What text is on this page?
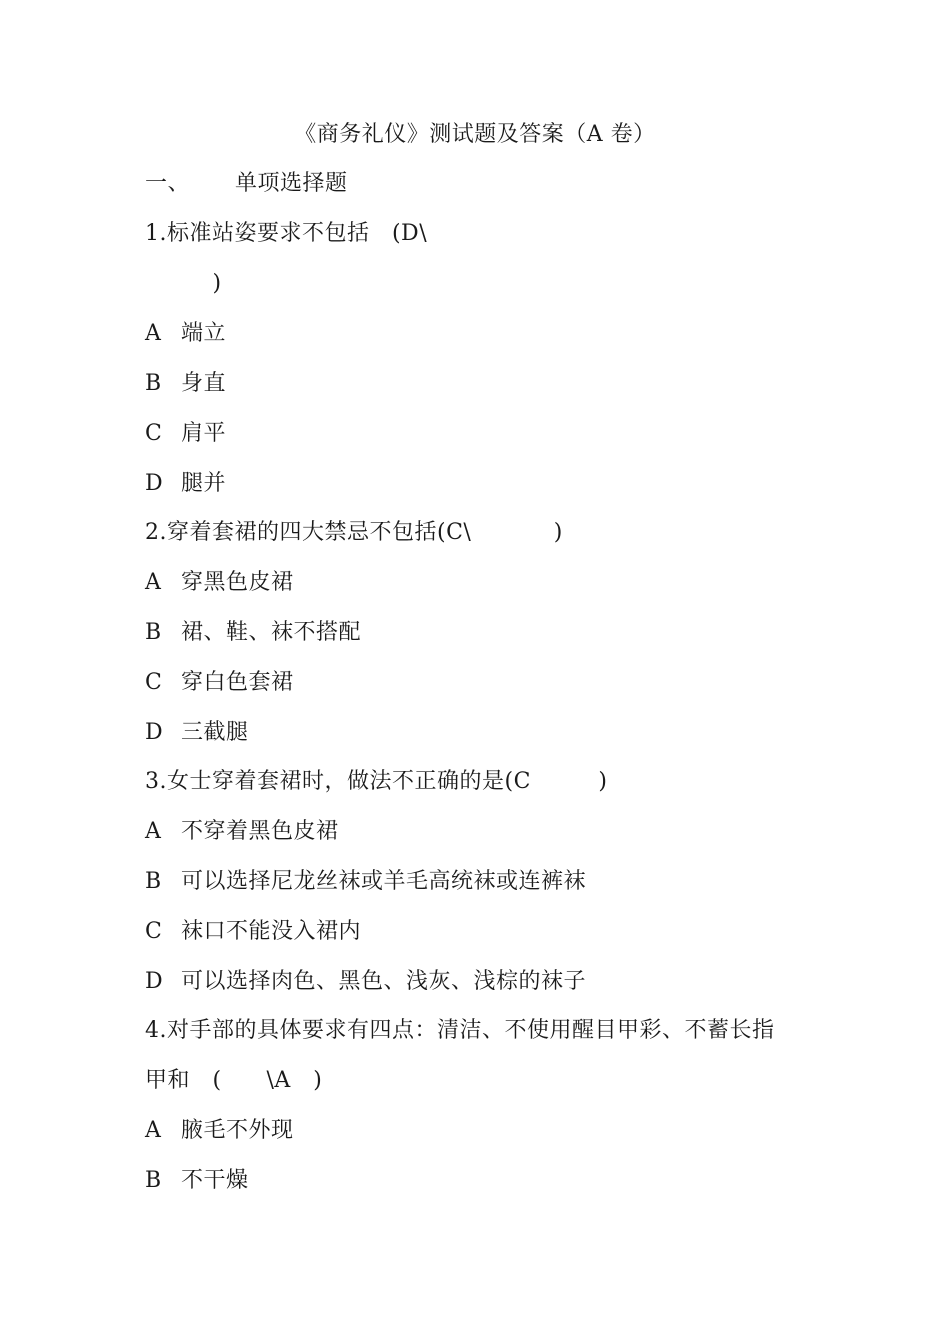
《商务礼仪》测试题及答案（A 卷）
一、      单项选择题
1.标准站姿要求不包括   (D\
)
A 端立
B 身直
C 肩平
D 腿并
2.穿着套裙的四大禁忌不包括(C\           )
A 穿黑色皮裙
B 裙、鞋、袜不搭配
C 穿白色套裙
D 三截腿
3.女士穿着套裙时，做法不正确的是(C         )
A 不穿着黑色皮裙
B 可以选择尼龙丝袜或羊毛高统袜或连裤袜
C 袜口不能没入裙内
D 可以选择肉色、黑色、浅灰、浅棕的袜子
4.对手部的具体要求有四点：清洁、不使用醒目甲彩、不蓄长指
甲和   (      \A   )
A 腋毛不外现
B 不干燥
